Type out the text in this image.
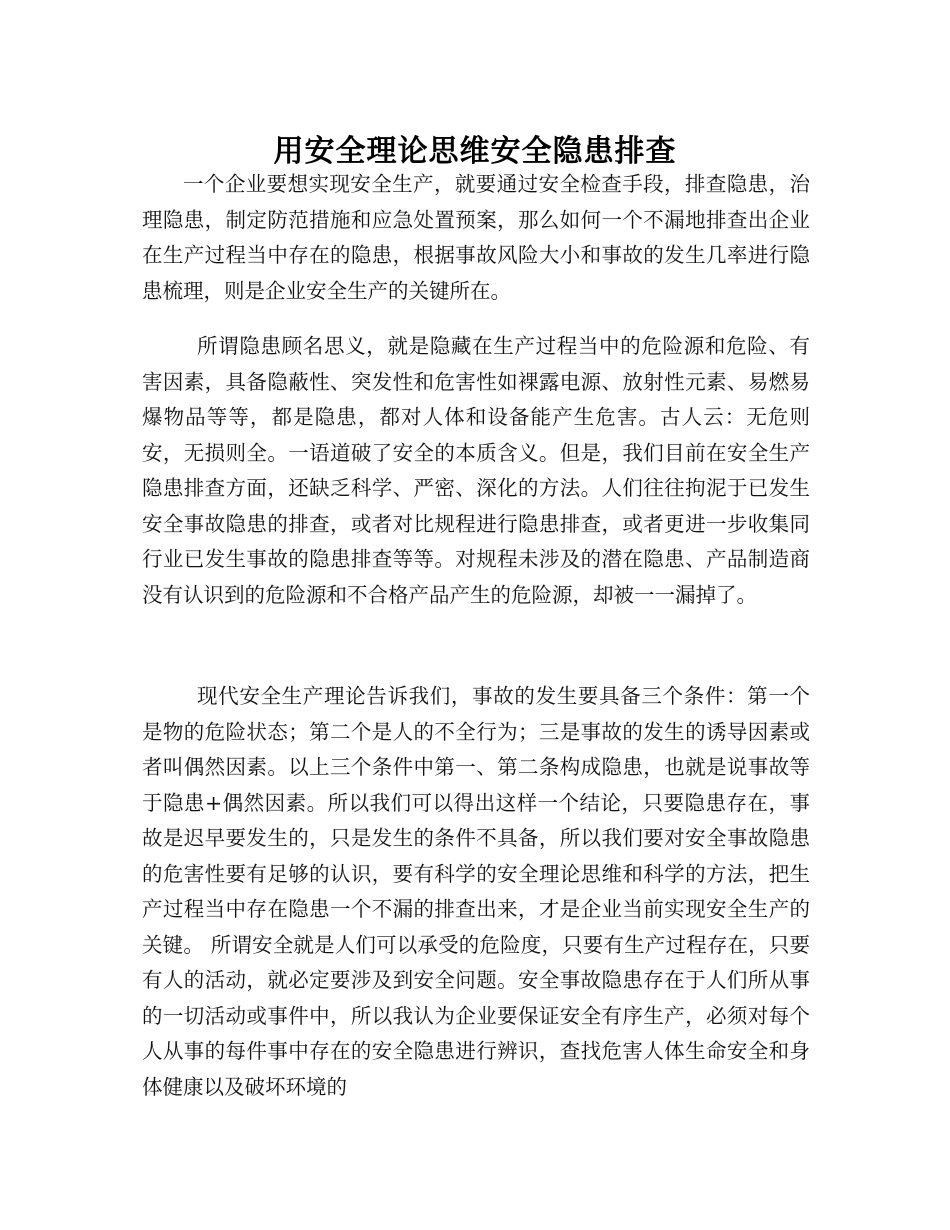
用安全理论思维安全隐患排查

一个企业要想实现安全生产，就要通过安全检查手段，排查隐患，治理隐患，制定防范措施和应急处置预案，那么如何一个不漏地排查出企业在生产过程当中存在的隐患，根据事故风险大小和事故的发生几率进行隐患梳理，则是企业安全生产的关键所在。

所谓隐患顾名思义，就是隐藏在生产过程当中的危险源和危险、有害因素，具备隐蔽性、突发性和危害性如裸露电源、放射性元素、易燃易爆物品等等，都是隐患，都对人体和设备能产生危害。古人云：无危则安，无损则全。一语道破了安全的本质含义。但是，我们目前在安全生产隐患排查方面，还缺乏科学、严密、深化的方法。人们往往拘泥于已发生安全事故隐患的排查，或者对比规程进行隐患排查，或者更进一步收集同行业已发生事故的隐患排查等等。对规程未涉及的潜在隐患、产品制造商没有认识到的危险源和不合格产品产生的危险源，却被一一漏掉了。

现代安全生产理论告诉我们，事故的发生要具备三个条件：第一个是物的危险状态；第二个是人的不全行为；三是事故的发生的诱导因素或者叫偶然因素。以上三个条件中第一、第二条构成隐患，也就是说事故等于隐患+偶然因素。所以我们可以得出这样一个结论，只要隐患存在，事故是迟早要发生的，只是发生的条件不具备，所以我们要对安全事故隐患的危害性要有足够的认识，要有科学的安全理论思维和科学的方法，把生产过程当中存在隐患一个不漏的排查出来，才是企业当前实现安全生产的关键。 所谓安全就是人们可以承受的危险度，只要有生产过程存在，只要有人的活动，就必定要涉及到安全问题。安全事故隐患存在于人们所从事的一切活动或事件中，所以我认为企业要保证安全有序生产，必须对每个人从事的每件事中存在的安全隐患进行辨识，查找危害人体生命安全和身体健康以及破坏环境的
